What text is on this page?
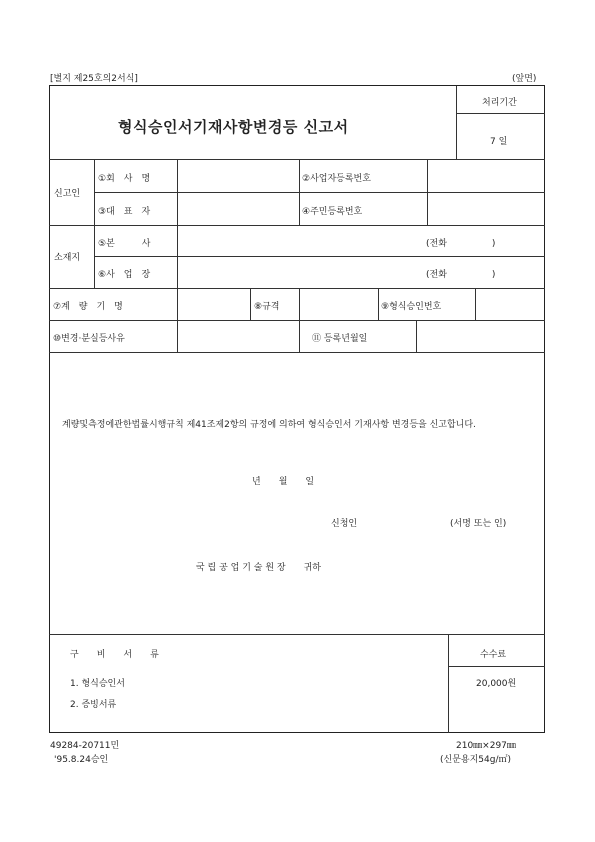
[별지 제25호의2서식]	(앞면)
형식승인서기재사항변경등 신고서
처리기간
7 일
신고인
①회　사　명	②사업자등록번호
③대　표　자	④주민등록번호
소재지
⑤본　　　사	(전화　　　　　)
⑥사　업　장	(전화　　　　　)
⑦계　량　기　명	⑧규격	⑨형식승인번호
⑩변경·분실등사유	⑪ 등록년월일
계량및측정에관한법률시행규칙 제41조제2항의 규정에 의하여 형식승인서 기재사항 변경등을 신고합니다.
년　　월　　일
신청인	(서명 또는 인)
국 립 공 업 기 술 원 장　　귀하
구　　비　　서　　류
1. 형식승인서
2. 증빙서류
수수료
20,000원
49284-20711민
'95.8.24승인
210㎜×297㎜
(신문용지54g/㎡)
